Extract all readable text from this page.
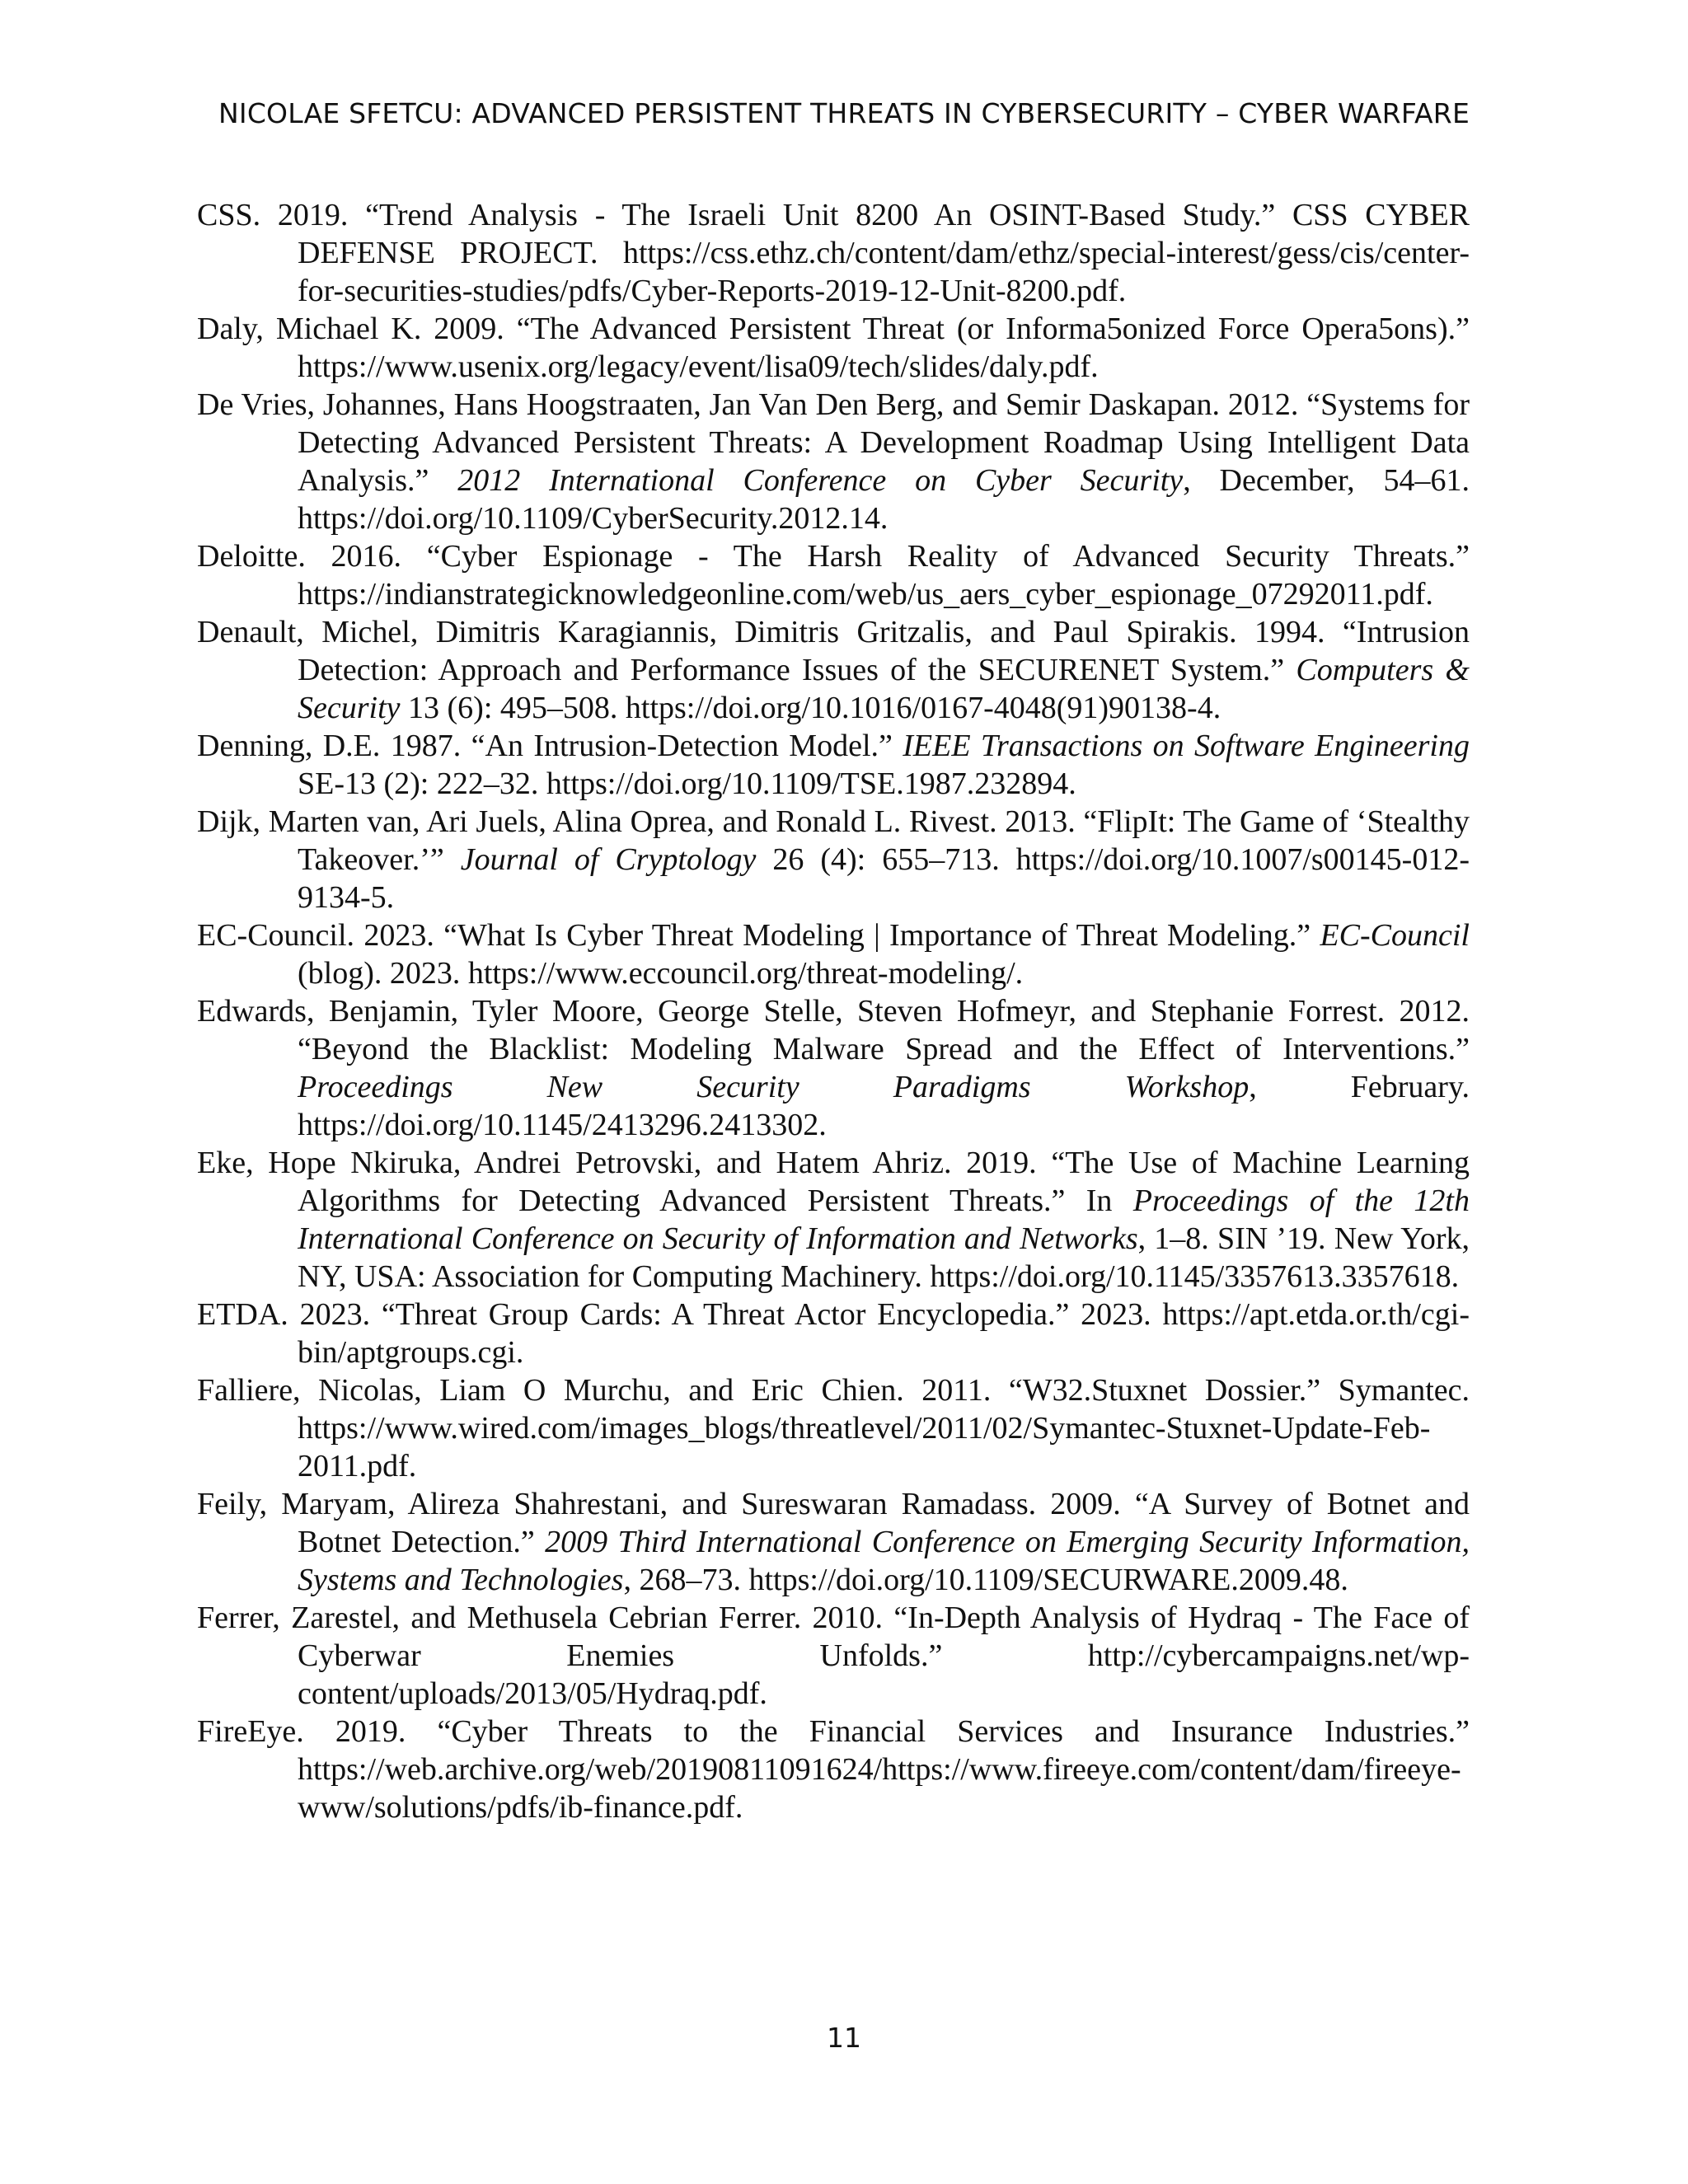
NICOLAE SFETCU: ADVANCED PERSISTENT THREATS IN CYBERSECURITY – CYBER WARFARE
CSS. 2019. “Trend Analysis - The Israeli Unit 8200 An OSINT-Based Study.” CSS CYBER DEFENSE PROJECT. https://css.ethz.ch/content/dam/ethz/special-interest/gess/cis/center-for-securities-studies/pdfs/Cyber-Reports-2019-12-Unit-8200.pdf.
Daly, Michael K. 2009. “The Advanced Persistent Threat (or Informa5onized Force Opera5ons).” https://www.usenix.org/legacy/event/lisa09/tech/slides/daly.pdf.
De Vries, Johannes, Hans Hoogstraaten, Jan Van Den Berg, and Semir Daskapan. 2012. “Systems for Detecting Advanced Persistent Threats: A Development Roadmap Using Intelligent Data Analysis.” 2012 International Conference on Cyber Security, December, 54–61. https://doi.org/10.1109/CyberSecurity.2012.14.
Deloitte. 2016. “Cyber Espionage - The Harsh Reality of Advanced Security Threats.” https://indianstrategicknowledgeonline.com/web/us_aers_cyber_espionage_07292011.pdf.
Denault, Michel, Dimitris Karagiannis, Dimitris Gritzalis, and Paul Spirakis. 1994. “Intrusion Detection: Approach and Performance Issues of the SECURENET System.” Computers & Security 13 (6): 495–508. https://doi.org/10.1016/0167-4048(91)90138-4.
Denning, D.E. 1987. “An Intrusion-Detection Model.” IEEE Transactions on Software Engineering SE-13 (2): 222–32. https://doi.org/10.1109/TSE.1987.232894.
Dijk, Marten van, Ari Juels, Alina Oprea, and Ronald L. Rivest. 2013. “FlipIt: The Game of ‘Stealthy Takeover.’” Journal of Cryptology 26 (4): 655–713. https://doi.org/10.1007/s00145-012-9134-5.
EC-Council. 2023. “What Is Cyber Threat Modeling | Importance of Threat Modeling.” EC-Council (blog). 2023. https://www.eccouncil.org/threat-modeling/.
Edwards, Benjamin, Tyler Moore, George Stelle, Steven Hofmeyr, and Stephanie Forrest. 2012. “Beyond the Blacklist: Modeling Malware Spread and the Effect of Interventions.” Proceedings New Security Paradigms Workshop, February. https://doi.org/10.1145/2413296.2413302.
Eke, Hope Nkiruka, Andrei Petrovski, and Hatem Ahriz. 2019. “The Use of Machine Learning Algorithms for Detecting Advanced Persistent Threats.” In Proceedings of the 12th International Conference on Security of Information and Networks, 1–8. SIN ’19. New York, NY, USA: Association for Computing Machinery. https://doi.org/10.1145/3357613.3357618.
ETDA. 2023. “Threat Group Cards: A Threat Actor Encyclopedia.” 2023. https://apt.etda.or.th/cgi-bin/aptgroups.cgi.
Falliere, Nicolas, Liam O Murchu, and Eric Chien. 2011. “W32.Stuxnet Dossier.” Symantec. https://www.wired.com/images_blogs/threatlevel/2011/02/Symantec-Stuxnet-Update-Feb-2011.pdf.
Feily, Maryam, Alireza Shahrestani, and Sureswaran Ramadass. 2009. “A Survey of Botnet and Botnet Detection.” 2009 Third International Conference on Emerging Security Information, Systems and Technologies, 268–73. https://doi.org/10.1109/SECURWARE.2009.48.
Ferrer, Zarestel, and Methusela Cebrian Ferrer. 2010. “In-Depth Analysis of Hydraq - The Face of Cyberwar Enemies Unfolds.” http://cybercampaigns.net/wp-content/uploads/2013/05/Hydraq.pdf.
FireEye. 2019. “Cyber Threats to the Financial Services and Insurance Industries.” https://web.archive.org/web/20190811091624/https://www.fireeye.com/content/dam/fireeye-www/solutions/pdfs/ib-finance.pdf.
11
